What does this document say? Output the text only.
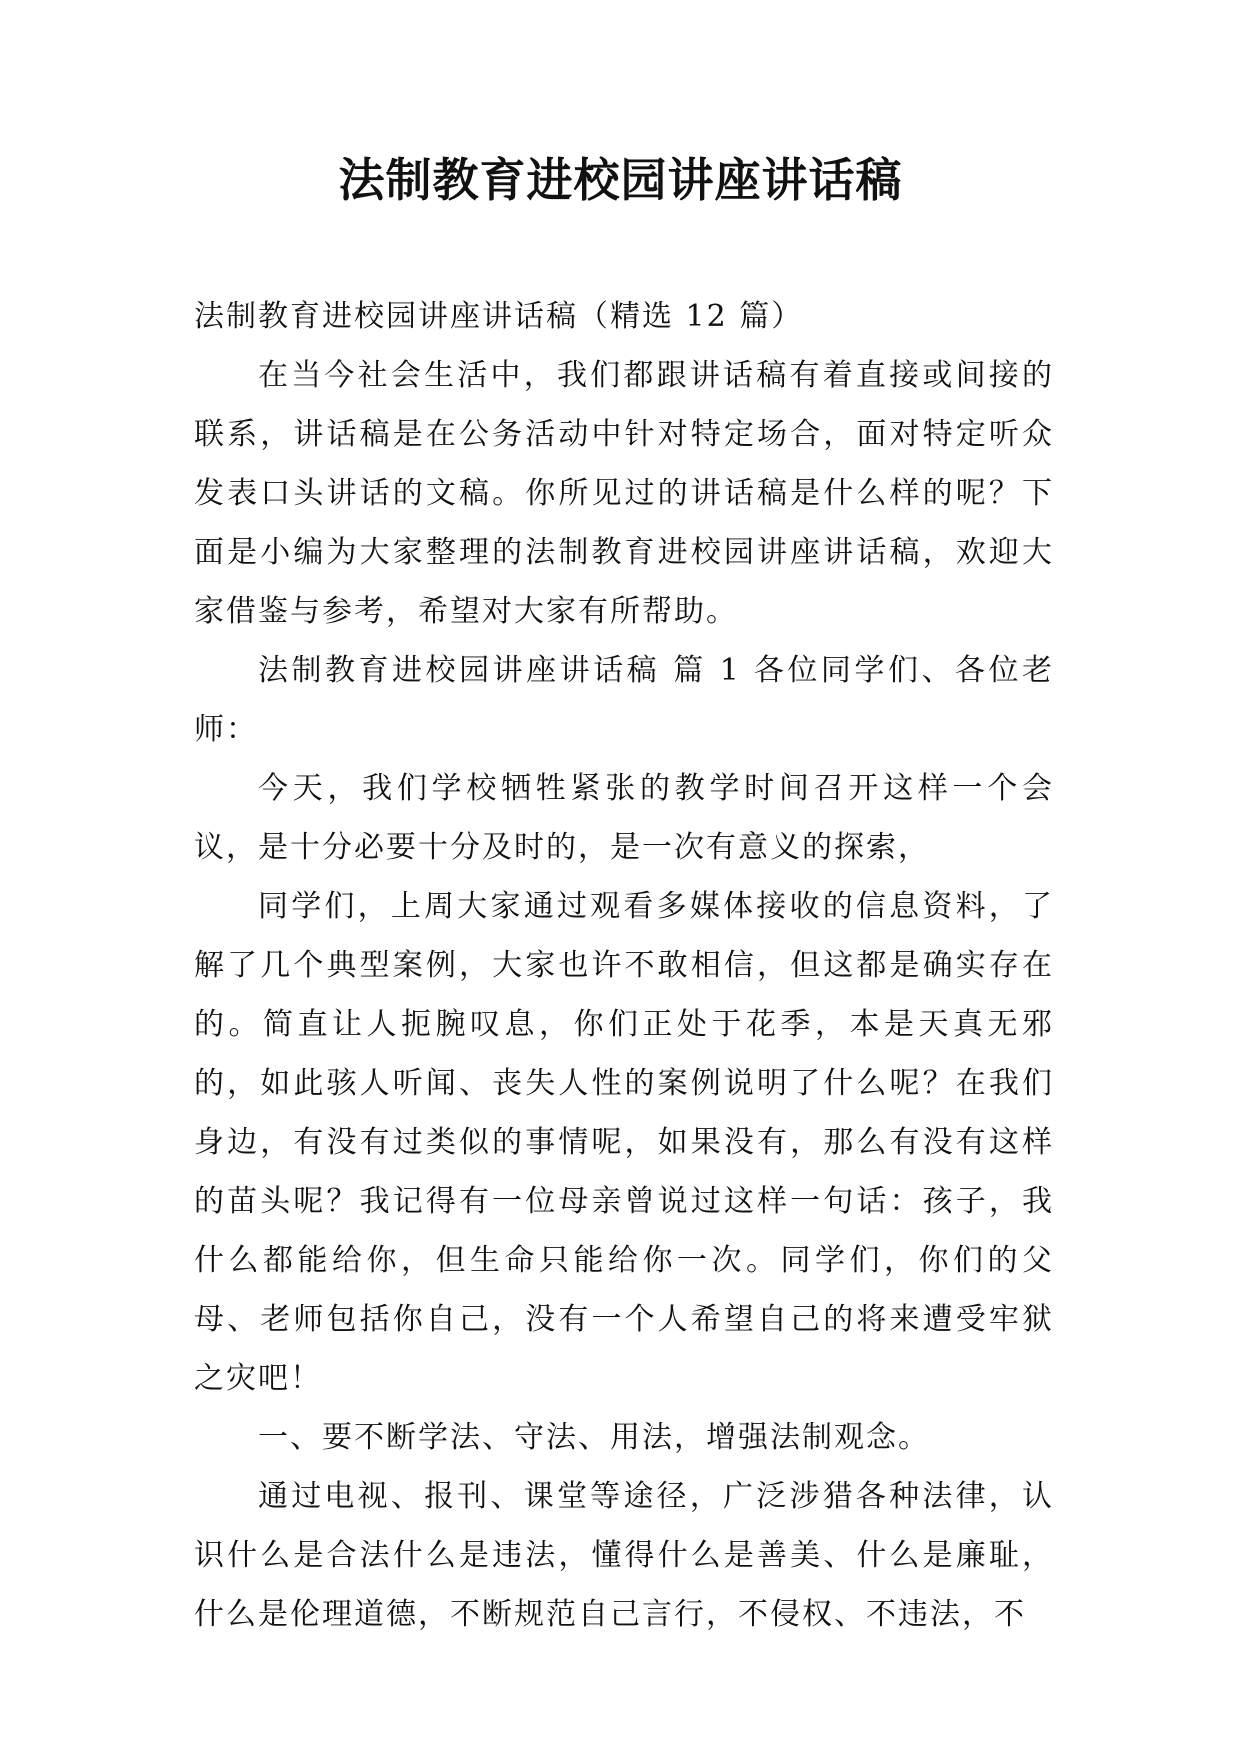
法制教育进校园讲座讲话稿

法制教育进校园讲座讲话稿（精选 12 篇）

在当今社会生活中，我们都跟讲话稿有着直接或间接的联系，讲话稿是在公务活动中针对特定场合，面对特定听众发表口头讲话的文稿。你所见过的讲话稿是什么样的呢？下面是小编为大家整理的法制教育进校园讲座讲话稿，欢迎大家借鉴与参考，希望对大家有所帮助。

法制教育进校园讲座讲话稿 篇 1 各位同学们、各位老师：

今天，我们学校牺牲紧张的教学时间召开这样一个会议，是十分必要十分及时的，是一次有意义的探索，

同学们，上周大家通过观看多媒体接收的信息资料，了解了几个典型案例，大家也许不敢相信，但这都是确实存在的。简直让人扼腕叹息，你们正处于花季，本是天真无邪的，如此骇人听闻、丧失人性的案例说明了什么呢？在我们身边，有没有过类似的事情呢，如果没有，那么有没有这样的苗头呢？我记得有一位母亲曾说过这样一句话：孩子，我什么都能给你，但生命只能给你一次。同学们，你们的父母、老师包括你自己，没有一个人希望自己的将来遭受牢狱之灾吧！

一、要不断学法、守法、用法，增强法制观念。

通过电视、报刊、课堂等途径，广泛涉猎各种法律，认识什么是合法什么是违法，懂得什么是善美、什么是廉耻，什么是伦理道德，不断规范自己言行，不侵权、不违法，不
